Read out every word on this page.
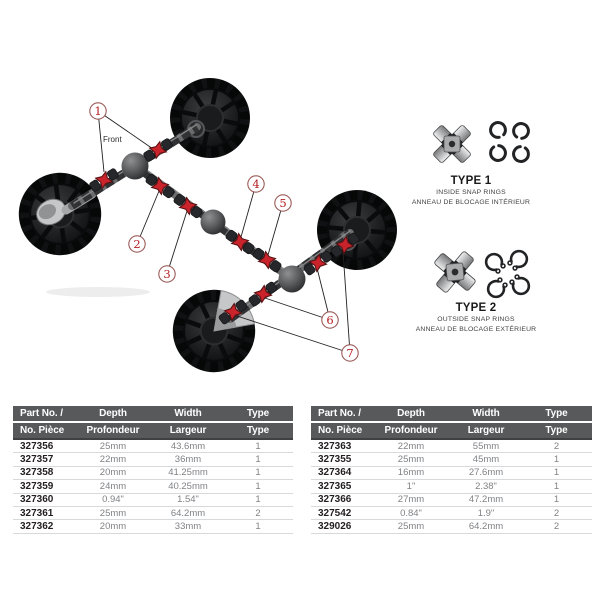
1
2
3
4
5
6
7
Front
TYPE 1
INSIDE SNAP RINGS
ANNEAU DE BLOCAGE INTÉRIEUR
TYPE 2
OUTSIDE SNAP RINGS
ANNEAU DE BLOCAGE EXTÉRIEUR
Part No. /	Depth	Width	Type
No. Pièce	Profondeur	Largeur	Type
327356	25mm	43.6mm	1
327357	22mm	36mm	1
327358	20mm	41.25mm	1
327359	24mm	40.25mm	1
327360	0.94"	1.54"	1
327361	25mm	64.2mm	2
327362	20mm	33mm	1
Part No. /	Depth	Width	Type
No. Pièce	Profondeur	Largeur	Type
327363	22mm	55mm	2
327355	25mm	45mm	1
327364	16mm	27.6mm	1
327365	1"	2.38"	1
327366	27mm	47.2mm	1
327542	0.84"	1.9"	2
329026	25mm	64.2mm	2
